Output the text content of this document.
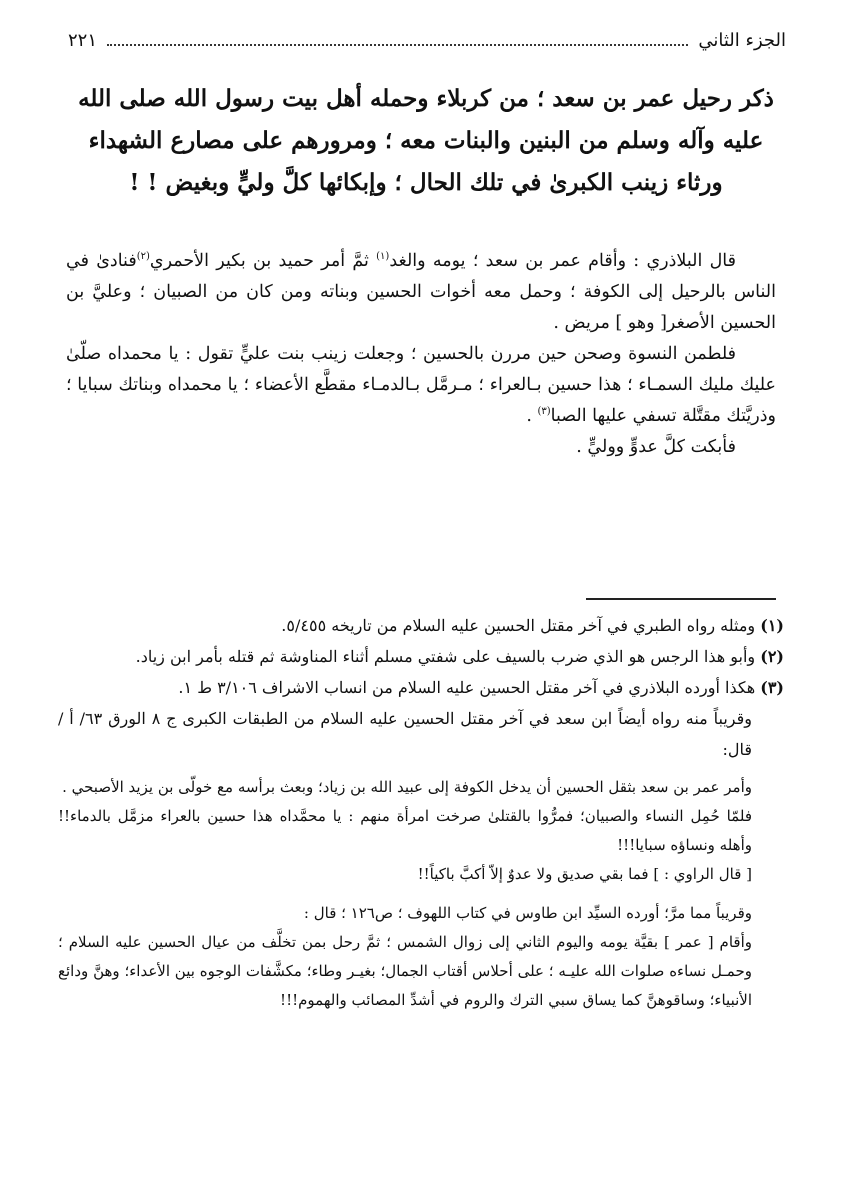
الجزء الثاني
٢٢١

ذكر رحيل عمر بن سعد ؛ من كربلاء وحمله أهل بيت رسول الله صلى الله

عليه وآله وسلم من البنين والبنات معه ؛ ومرورهم على مصارع الشهداء

ورثاء زينب الكبرىٰ في تلك الحال ؛ وإبكائها كلَّ وليٍّ وبغيض ! !

قال البلاذري : وأقام عمر بن سعد ؛ يومه والغد$^{(١)}$ ثمَّ أمر حميد بن بكير الأحمري$^{(٢)}$فنادىٰ في الناس بالرحيل إلى الكوفة ؛ وحمل معه أخوات الحسين وبناته ومن كان من الصبيان ؛ وعليَّ بن الحسين الأصغر[ وهو ] مريض .

فلطمن النسوة وصحن حين مررن بالحسين ؛ وجعلت زينب بنت عليٍّ تقول : يا محمداه صلّىٰ عليك مليك السمـاء ؛ هذا حسين بـالعراء ؛ مـرمَّل بـالدمـاء مقطَّع الأعضاء ؛ يا محمداه وبناتك سبايا ؛ وذريَّتك مقتَّلة تسفي عليها الصبا$^{(٣)}$ .

فأبكت كلَّ عدوٍّ ووليٍّ .

(١) ومثله رواه الطبري في آخر مقتل الحسين عليه السلام من تاريخه ٥/٤٥٥.

(٢) وأبو هذا الرجس هو الذي ضرب بالسيف على شفتي مسلم أثناء المناوشة ثم قتله بأمر ابن زياد.

(٣) هكذا أورده البلاذري في آخر مقتل الحسين عليه السلام من انساب الاشراف ٣/١٠٦ ط ١.

وقريباً منه رواه أيضاً ابن سعد في آخر مقتل الحسين عليه السلام من الطبقات الكبرى ج ٨ الورق ٦٣/ أ / قال:

وأمر عمر بن سعد بثقل الحسين أن يدخل الكوفة إلى عبيد الله بن زياد؛ وبعث برأسه مع خولّى بن يزيد الأصبحي .

فلمّا حُمِل النساء والصبيان؛ فمرُّوا بالقتلىٰ صرخت امرأة منهم : يا محمَّداه هذا حسين بالعراء مزمَّل بالدماء!! وأهله ونساؤه سبايا!!!

[ قال الراوي : ] فما بقي صديق ولا عدوٌ إلاّ أكبَّ باكياً!!

وقريباً مما مرَّ؛ أورده السيِّد ابن طاوس في كتاب اللهوف ؛ ص١٢٦ ؛ قال :

وأقام [ عمر ] بقيَّة يومه واليوم الثاني إلى زوال الشمس ؛ ثمَّ رحل بمن تخلَّف من عيال الحسين عليه السلام ؛ وحمـل نساءه صلوات الله عليـه ؛ على أحلاس أقتاب الجمال؛ بغيـر وطاء؛ مكشَّفات الوجوه بين الأعداء؛ وهنَّ ودائع الأنبياء؛ وساقوهنَّ كما يساق سبي الترك والروم في أشدِّ المصائب والهموم!!!
